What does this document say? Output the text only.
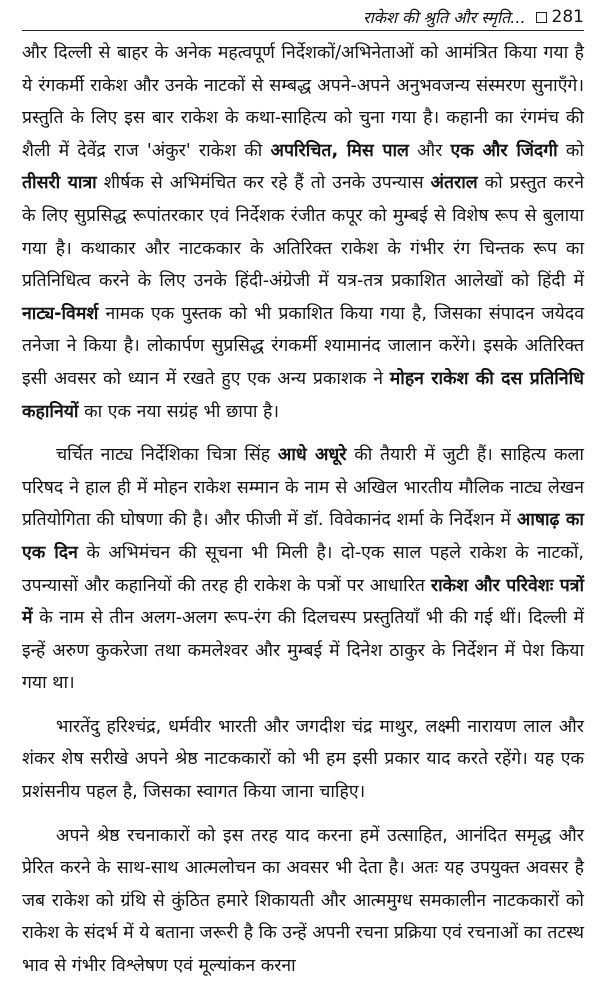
राकेश की श्रुति और स्मृति... 281

और दिल्ली से बाहर के अनेक महत्वपूर्ण निर्देशकों/अभिनेताओं को आमंत्रित किया गया है ये रंगकर्मी राकेश और उनके नाटकों से सम्बद्ध अपने-अपने अनुभवजन्य संस्मरण सुनाएँगे। प्रस्तुति के लिए इस बार राकेश के कथा-साहित्य को चुना गया है। कहानी का रंगमंच की शैली में देवेंद्र राज 'अंकुर' राकेश की अपरिचित, मिस पाल और एक और जिंदगी को तीसरी यात्रा शीर्षक से अभिमंचित कर रहे हैं तो उनके उपन्यास अंतराल को प्रस्तुत करने के लिए सुप्रसिद्ध रूपांतरकार एवं निर्देशक रंजीत कपूर को मुम्बई से विशेष रूप से बुलाया गया है। कथाकार और नाटककार के अतिरिक्त राकेश के गंभीर रंग चिन्तक रूप का प्रतिनिधित्व करने के लिए उनके हिंदी-अंग्रेजी में यत्र-तत्र प्रकाशित आलेखों को हिंदी में नाट्य-विमर्श नामक एक पुस्तक को भी प्रकाशित किया गया है, जिसका संपादन जयेदव तनेजा ने किया है। लोकार्पण सुप्रसिद्ध रंगकर्मी श्यामानंद जालान करेंगे। इसके अतिरिक्त इसी अवसर को ध्यान में रखते हुए एक अन्य प्रकाशक ने मोहन राकेश की दस प्रतिनिधि कहानियों का एक नया सग्रंह भी छापा है।

चर्चित नाट्य निर्देशिका चित्रा सिंह आधे अधूरे की तैयारी में जुटी हैं। साहित्य कला परिषद ने हाल ही में मोहन राकेश सम्मान के नाम से अखिल भारतीय मौलिक नाट्य लेखन प्रतियोगिता की घोषणा की है। और फीजी में डॉ. विवेकानंद शर्मा के निर्देशन में आषाढ़ का एक दिन के अभिमंचन की सूचना भी मिली है। दो-एक साल पहले राकेश के नाटकों, उपन्यासों और कहानियों की तरह ही राकेश के पत्रों पर आधारित राकेश और परिवेशः पत्रों में के नाम से तीन अलग-अलग रूप-रंग की दिलचस्प प्रस्तुतियाँ भी की गई थीं। दिल्ली में इन्हें अरुण कुकरेजा तथा कमलेश्वर और मुम्बई में दिनेश ठाकुर के निर्देशन में पेश किया गया था।

भारतेंदु हरिश्चंद्र, धर्मवीर भारती और जगदीश चंद्र माथुर, लक्ष्मी नारायण लाल और शंकर शेष सरीखे अपने श्रेष्ठ नाटककारों को भी हम इसी प्रकार याद करते रहेंगे। यह एक प्रशंसनीय पहल है, जिसका स्वागत किया जाना चाहिए।

अपने श्रेष्ठ रचनाकारों को इस तरह याद करना हमें उत्साहित, आनंदित समृद्ध और प्रेरित करने के साथ-साथ आत्मलोचन का अवसर भी देता है। अतः यह उपयुक्त अवसर है जब राकेश को ग्रंथि से कुंठित हमारे शिकायती और आत्ममुग्ध समकालीन नाटककारों को राकेश के संदर्भ में ये बताना जरूरी है कि उन्हें अपनी रचना प्रक्रिया एवं रचनाओं का तटस्थ भाव से गंभीर विश्लेषण एवं मूल्यांकन करना
